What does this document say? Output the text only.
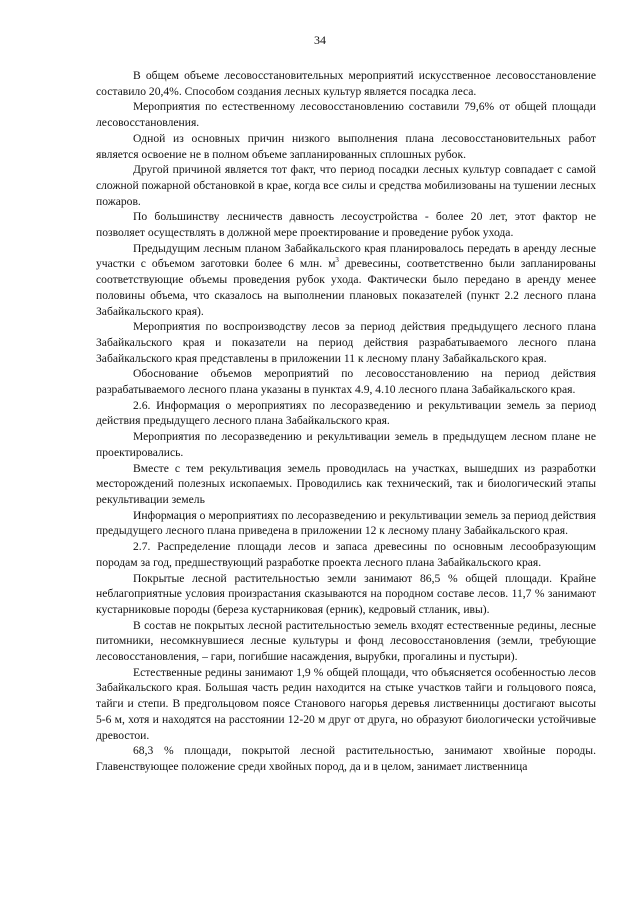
34

В общем объеме лесовосстановительных мероприятий искусственное лесовосстановление составило 20,4%. Способом создания лесных культур является посадка леса.

Мероприятия по естественному лесовосстановлению составили 79,6% от общей площади лесовосстановления.

Одной из основных причин низкого выполнения плана лесовосстановительных работ является освоение не в полном объеме запланированных сплошных рубок.

Другой причиной является тот факт, что период посадки лесных культур совпадает с самой сложной пожарной обстановкой в крае, когда все силы и средства мобилизованы на тушении лесных пожаров.

По большинству лесничеств давность лесоустройства - более 20 лет, этот фактор не позволяет осуществлять в должной мере проектирование и проведение рубок ухода.

Предыдущим лесным планом Забайкальского края планировалось передать в аренду лесные участки с объемом заготовки более 6 млн. $м^3$ древесины, соответственно были запланированы соответствующие объемы проведения рубок ухода. Фактически было передано в аренду менее половины объема, что сказалось на выполнении плановых показателей (пункт 2.2 лесного плана Забайкальского края).

Мероприятия по воспроизводству лесов за период действия предыдущего лесного плана Забайкальского края и показатели на период действия разрабатываемого лесного плана Забайкальского края представлены в приложении 11 к лесному плану Забайкальского края.

Обоснование объемов мероприятий по лесовосстановлению на период действия разрабатываемого лесного плана указаны в пунктах 4.9, 4.10 лесного плана Забайкальского края.

2.6. Информация о мероприятиях по лесоразведению и рекультивации земель за период действия предыдущего лесного плана Забайкальского края.

Мероприятия по лесоразведению и рекультивации земель в предыдущем лесном плане не проектировались.

Вместе с тем рекультивация земель проводилась на участках, вышедших из разработки месторождений полезных ископаемых. Проводились как технический, так и биологический этапы рекультивации земель

Информация о мероприятиях по лесоразведению и рекультивации земель за период действия предыдущего лесного плана приведена в приложении 12 к лесному плану Забайкальского края.

2.7. Распределение площади лесов и запаса древесины по основным лесообразующим породам за год, предшествующий разработке проекта лесного плана Забайкальского края.

Покрытые лесной растительностью земли занимают 86,5 % общей площади. Крайне неблагоприятные условия произрастания сказываются на породном составе лесов. 11,7 % занимают кустарниковые породы (береза кустарниковая (ерник), кедровый стланик, ивы).

В состав не покрытых лесной растительностью земель входят естественные редины, лесные питомники, несомкнувшиеся лесные культуры и фонд лесовосстановления (земли, требующие лесовосстановления, – гари, погибшие насаждения, вырубки, прогалины и пустыри).

Естественные редины занимают 1,9 % общей площади, что объясняется особенностью лесов Забайкальского края. Большая часть редин находится на стыке участков тайги и гольцового пояса, тайги и степи. В предгольцовом поясе Станового нагорья деревья лиственницы достигают высоты 5-6 м, хотя и находятся на расстоянии 12-20 м друг от друга, но образуют биологически устойчивые древостои.

68,3 % площади, покрытой лесной растительностью, занимают хвойные породы. Главенствующее положение среди хвойных пород, да и в целом, занимает лиственница
